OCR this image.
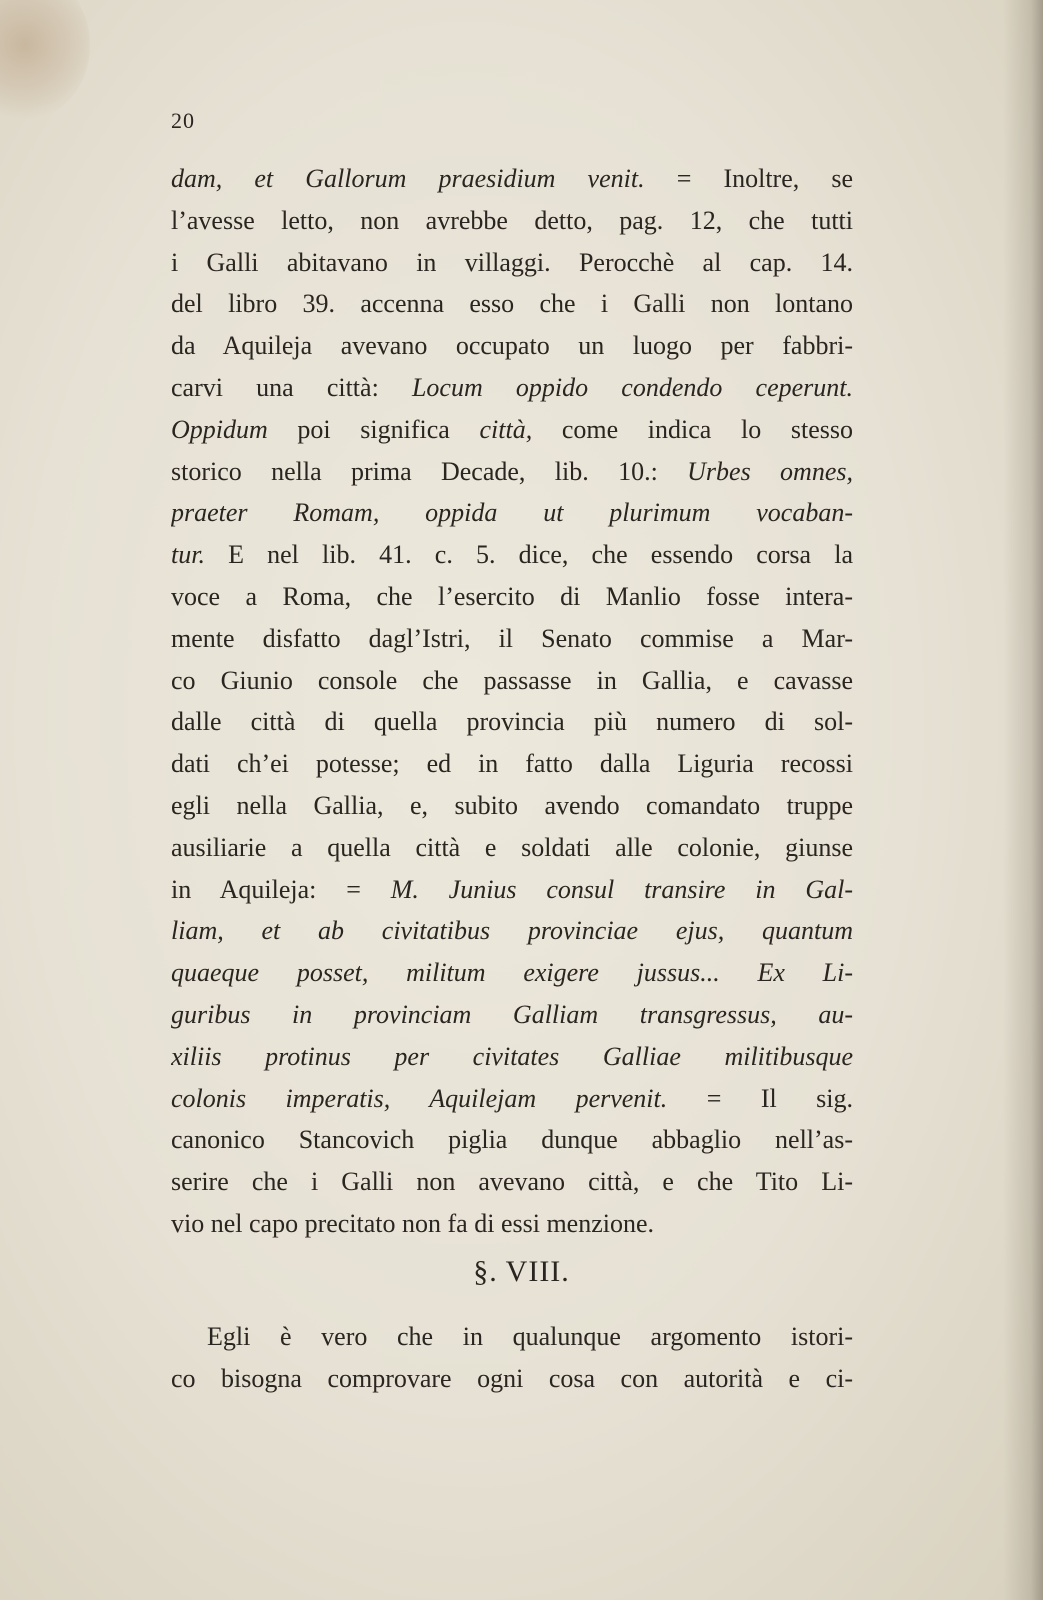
20
dam, et Gallorum praesidium venit. = Inoltre, se
l’avesse letto, non avrebbe detto, pag. 12, che tutti
i Galli abitavano in villaggi. Perocchè al cap. 14.
del libro 39. accenna esso che i Galli non lontano
da Aquileja avevano occupato un luogo per fabbri-
carvi una città: Locum oppido condendo ceperunt.
Oppidum poi significa città, come indica lo stesso
storico nella prima Decade, lib. 10.: Urbes omnes,
praeter Romam, oppida ut plurimum vocaban-
tur. E nel lib. 41. c. 5. dice, che essendo corsa la
voce a Roma, che l’esercito di Manlio fosse intera-
mente disfatto dagl’Istri, il Senato commise a Mar-
co Giunio console che passasse in Gallia, e cavasse
dalle città di quella provincia più numero di sol-
dati ch’ei potesse; ed in fatto dalla Liguria recossi
egli nella Gallia, e, subito avendo comandato truppe
ausiliarie a quella città e soldati alle colonie, giunse
in Aquileja: = M. Junius consul transire in Gal-
liam, et ab civitatibus provinciae ejus, quantum
quaeque posset, militum exigere jussus... Ex Li-
guribus in provinciam Galliam transgressus, au-
xiliis protinus per civitates Galliae militibusque
colonis imperatis, Aquilejam pervenit. = Il sig.
canonico Stancovich piglia dunque abbaglio nell’as-
serire che i Galli non avevano città, e che Tito Li-
vio nel capo precitato non fa di essi menzione.
§. VIII.
Egli è vero che in qualunque argomento istori-
co bisogna comprovare ogni cosa con autorità e ci-
